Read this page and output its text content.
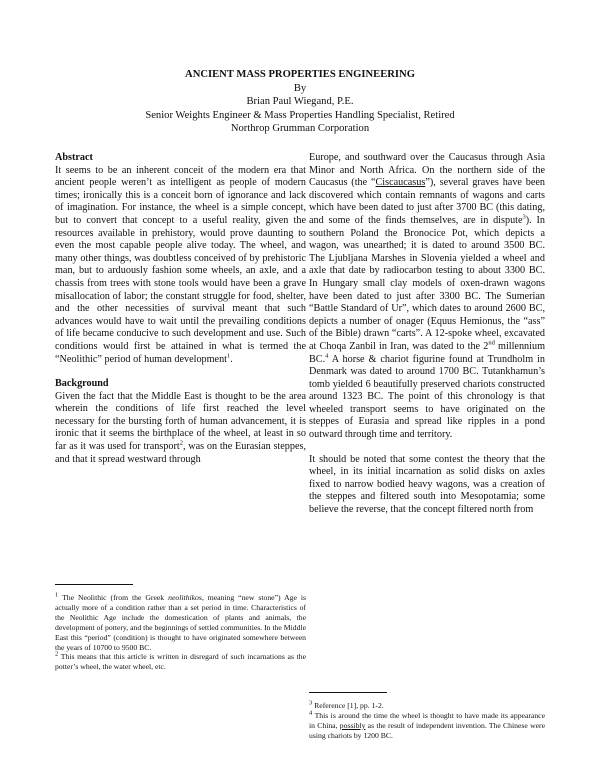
ANCIENT MASS PROPERTIES ENGINEERING
By
Brian Paul Wiegand, P.E.
Senior Weights Engineer & Mass Properties Handling Specialist, Retired
Northrop Grumman Corporation

Abstract

It seems to be an inherent conceit of the modern era that ancient people weren’t as intelligent as people of modern times; ironically this is a conceit born of ignorance and lack of imagination. For instance, the wheel is a simple concept, but to convert that concept to a useful reality, given the resources available in prehistory, would prove daunting to even the most capable people alive today. The wheel, and many other things, was doubtless conceived of by prehistoric man, but to arduously fashion some wheels, an axle, and a chassis from trees with stone tools would have been a grave misallocation of labor; the constant struggle for food, shelter, and the other necessities of survival meant that such advances would have to wait until the prevailing conditions of life became conducive to such development and use. Such conditions would first be attained in what is termed the “Neolithic” period of human development$^1$.

Background

Given the fact that the Middle East is thought to be the area wherein the conditions of life first reached the level necessary for the bursting forth of human advancement, it is ironic that it seems the birthplace of the wheel, at least in so far as it was used for transport$^2$, was on the Eurasian steppes, and that it spread westward through

Europe, and southward over the Caucasus through Asia Minor and North Africa. On the northern side of the Caucasus (the “Ciscaucasus”), several graves have been discovered which contain remnants of wagons and carts which have been dated to just after 3700 BC (this dating, and some of the finds themselves, are in dispute$^3$). In southern Poland the Bronocice Pot, which depicts a wagon, was unearthed; it is dated to around 3500 BC. The Ljubljana Marshes in Slovenia yielded a wheel and axle that date by radiocarbon testing to about 3300 BC. In Hungary small clay models of oxen-drawn wagons have been dated to just after 3300 BC. The Sumerian “Battle Standard of Ur”, which dates to around 2600 BC, depicts a number of onager (Equus Hemionus, the “ass” of the Bible) drawn “carts”. A 12-spoke wheel, excavated at Choqa Zanbil in Iran, was dated to the 2nd millennium BC.$^4$ A horse & chariot figurine found at Trundholm in Denmark was dated to around 1700 BC. Tutankhamun’s tomb yielded 6 beautifully preserved chariots constructed around 1323 BC. The point of this chronology is that wheeled transport seems to have originated on the steppes of Eurasia and spread like ripples in a pond outward through time and territory.

It should be noted that some contest the theory that the wheel, in its initial incarnation as solid disks on axles fixed to narrow bodied heavy wagons, was a creation of the steppes and filtered south into Mesopotamia; some believe the reverse, that the concept filtered north from

$^1$ The Neolithic (from the Greek neolithikos, meaning “new stone”) Age is actually more of a condition rather than a set period in time. Characteristics of the Neolithic Age include the domestication of plants and animals, the development of pottery, and the beginnings of settled communities. In the Middle East this “period” (condition) is thought to have originated somewhere between the years of 10700 to 9500 BC.

$^2$ This means that this article is written in disregard of such incarnations as the potter’s wheel, the water wheel, etc.

$^3$ Reference [1], pp. 1-2.

$^4$ This is around the time the wheel is thought to have made its appearance in China, possibly as the result of independent invention. The Chinese were using chariots by 1200 BC.
